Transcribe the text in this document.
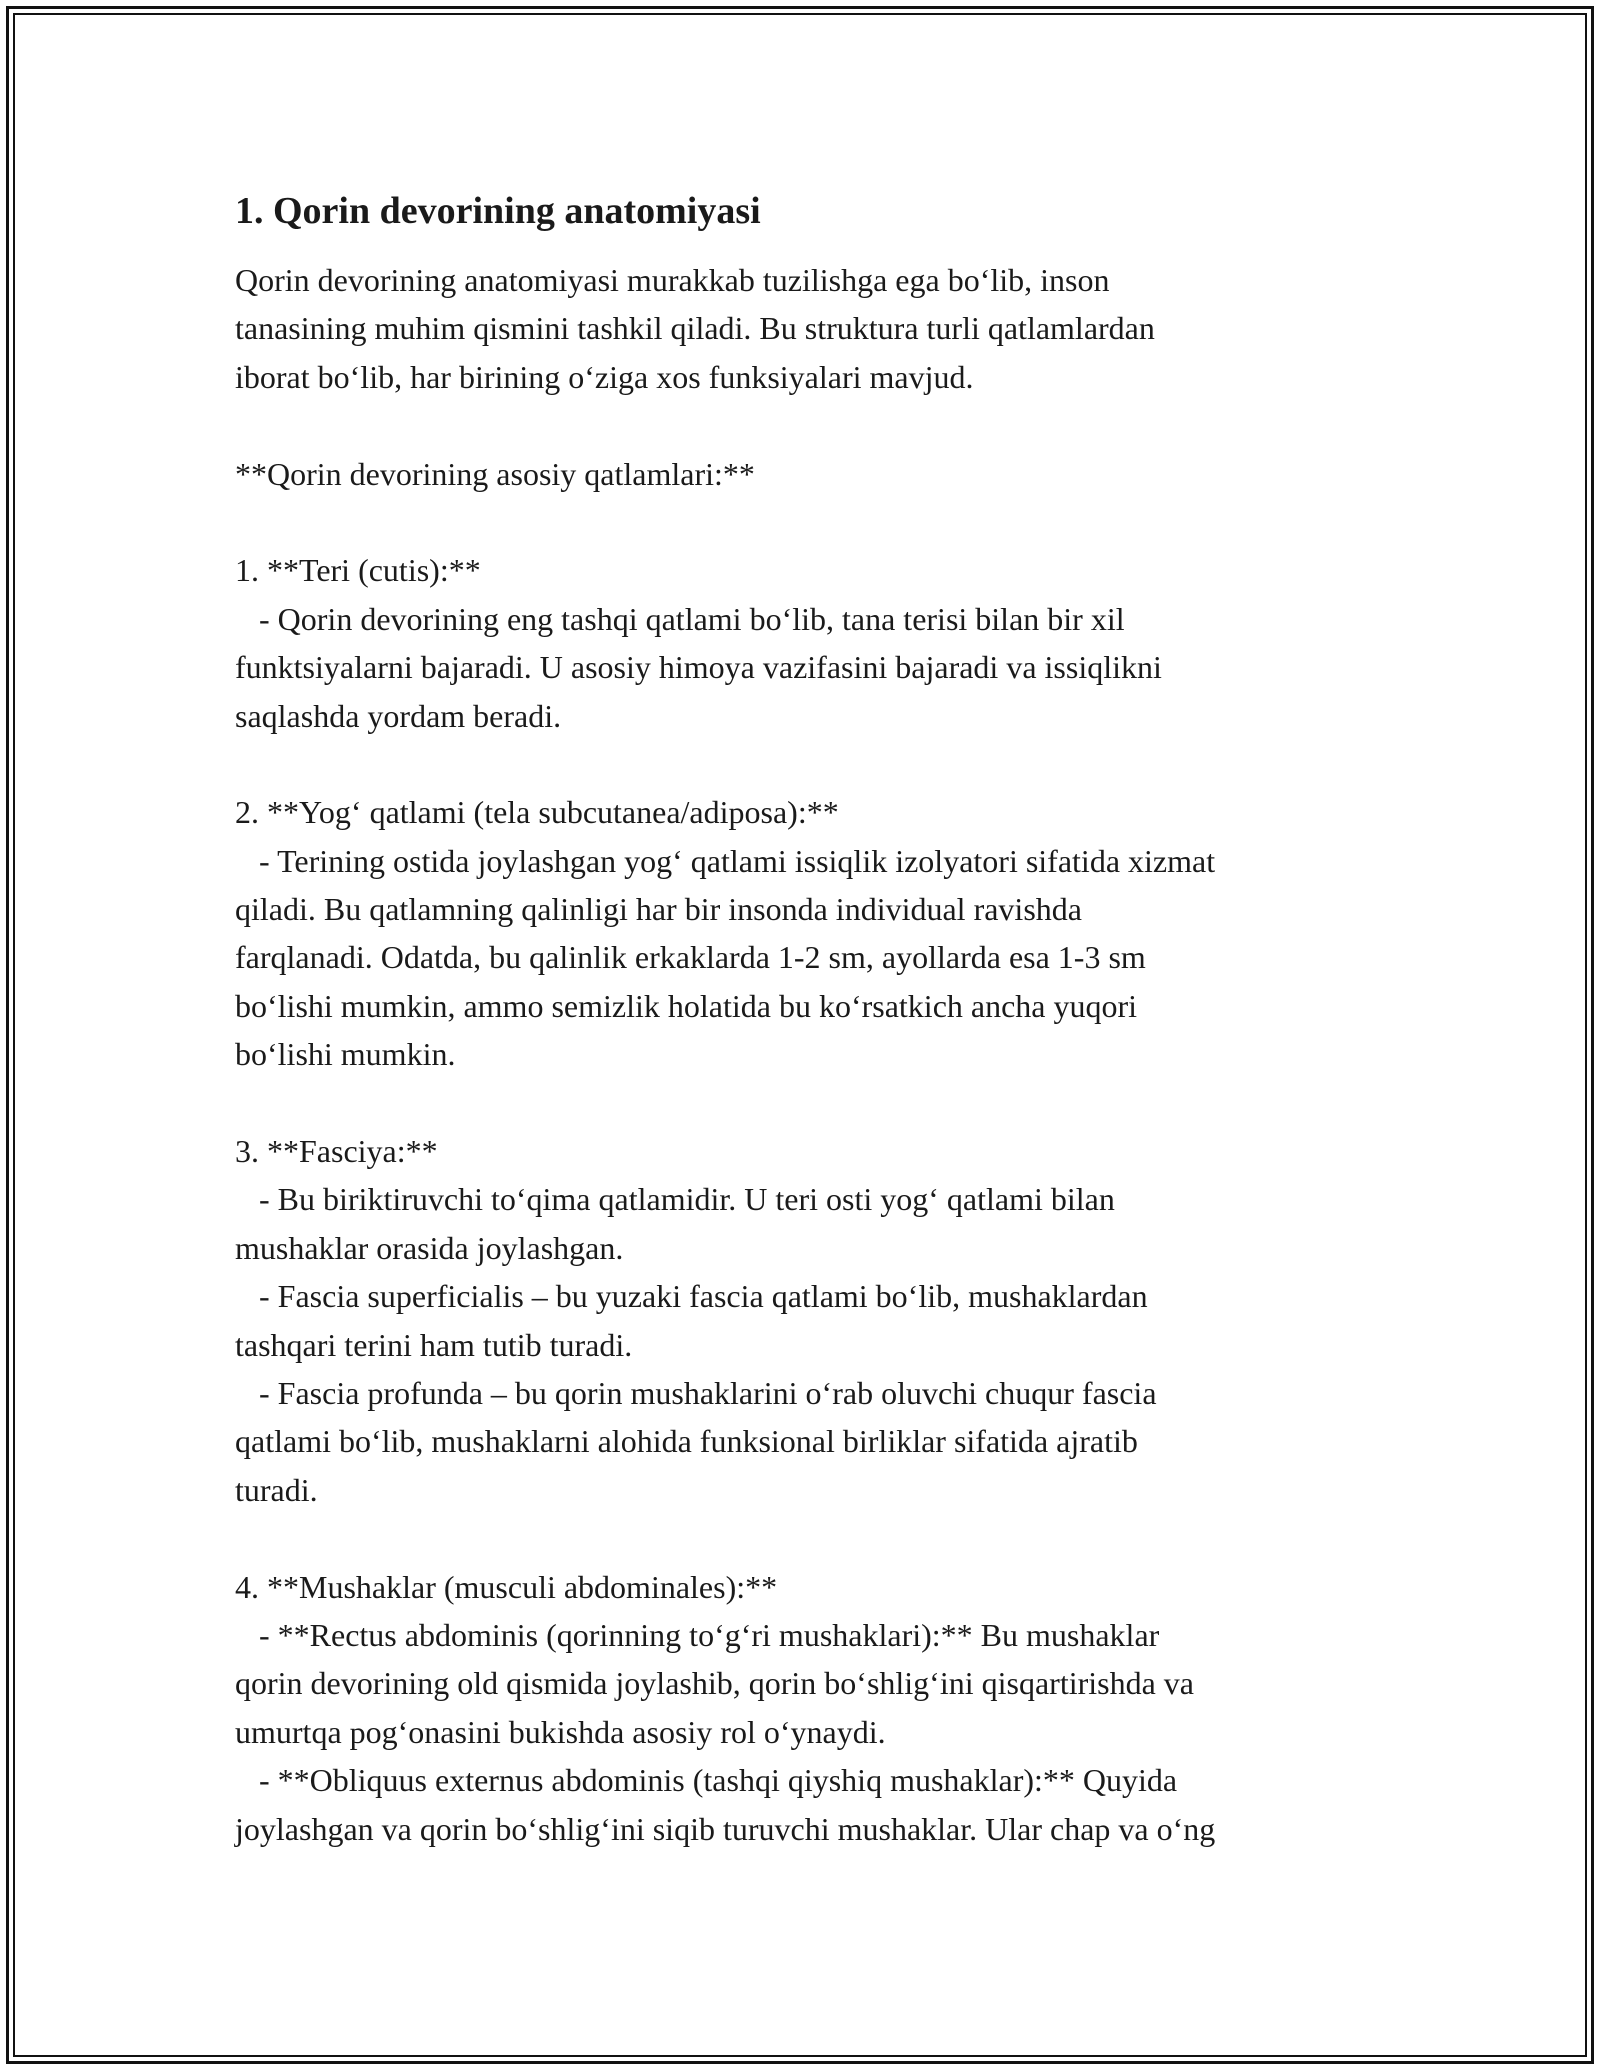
1. Qorin devorining anatomiyasi
Qorin devorining anatomiyasi murakkab tuzilishga ega bo‘lib, inson
tanasining muhim qismini tashkil qiladi. Bu struktura turli qatlamlardan
iborat bo‘lib, har birining o‘ziga xos funksiyalari mavjud.
**Qorin devorining asosiy qatlamlari:**
1. **Teri (cutis):**
- Qorin devorining eng tashqi qatlami bo‘lib, tana terisi bilan bir xil
funktsiyalarni bajaradi. U asosiy himoya vazifasini bajaradi va issiqlikni
saqlashda yordam beradi.
2. **Yog‘ qatlami (tela subcutanea/adiposa):**
- Terining ostida joylashgan yog‘ qatlami issiqlik izolyatori sifatida xizmat
qiladi. Bu qatlamning qalinligi har bir insonda individual ravishda
farqlanadi. Odatda, bu qalinlik erkaklarda 1-2 sm, ayollarda esa 1-3 sm
bo‘lishi mumkin, ammo semizlik holatida bu ko‘rsatkich ancha yuqori
bo‘lishi mumkin.
3. **Fasciya:**
- Bu biriktiruvchi to‘qima qatlamidir. U teri osti yog‘ qatlami bilan
mushaklar orasida joylashgan.
- Fascia superficialis – bu yuzaki fascia qatlami bo‘lib, mushaklardan
tashqari terini ham tutib turadi.
- Fascia profunda – bu qorin mushaklarini o‘rab oluvchi chuqur fascia
qatlami bo‘lib, mushaklarni alohida funksional birliklar sifatida ajratib
turadi.
4. **Mushaklar (musculi abdominales):**
- **Rectus abdominis (qorinning to‘g‘ri mushaklari):** Bu mushaklar
qorin devorining old qismida joylashib, qorin bo‘shlig‘ini qisqartirishda va
umurtqa pog‘onasini bukishda asosiy rol o‘ynaydi.
- **Obliquus externus abdominis (tashqi qiyshiq mushaklar):** Quyida
joylashgan va qorin bo‘shlig‘ini siqib turuvchi mushaklar. Ular chap va o‘ng
